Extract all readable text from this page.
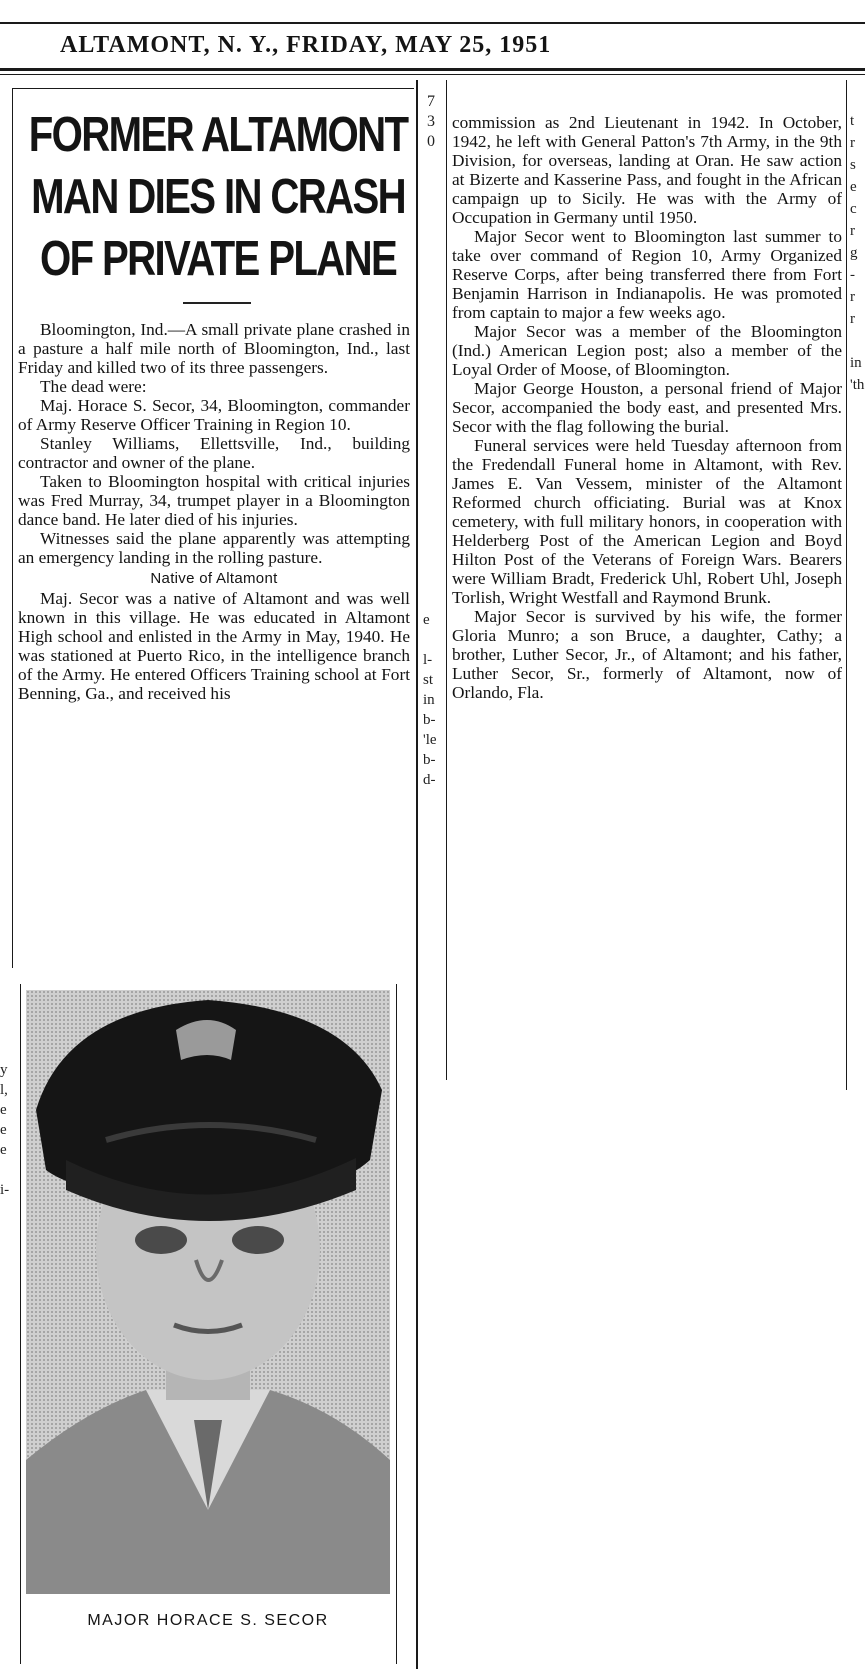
ALTAMONT, N. Y., FRIDAY, MAY 25, 1951
FORMER ALTAMONT
MAN DIES IN CRASH
OF PRIVATE PLANE

Bloomington, Ind.—A small private plane crashed in a pasture a half mile north of Bloomington, Ind., last Friday and killed two of its three passengers.

The dead were:

Maj. Horace S. Secor, 34, Bloomington, commander of Army Reserve Officer Training in Region 10.

Stanley Williams, Ellettsville, Ind., building contractor and owner of the plane.

Taken to Bloomington hospital with critical injuries was Fred Murray, 34, trumpet player in a Bloomington dance band. He later died of his injuries.

Witnesses said the plane apparently was attempting an emergency landing in the rolling pasture.

Native of Altamont

Maj. Secor was a native of Altamont and was well known in this village. He was educated in Altamont High school and enlisted in the Army in May, 1940. He was stationed at Puerto Rico, in the intelligence branch of the Army. He entered Officers Training school at Fort Benning, Ga., and received his

commission as 2nd Lieutenant in 1942. In October, 1942, he left with General Patton's 7th Army, in the 9th Division, for overseas, landing at Oran. He saw action at Bizerte and Kasserine Pass, and fought in the African campaign up to Sicily. He was with the Army of Occupation in Germany until 1950.

Major Secor went to Bloomington last summer to take over command of Region 10, Army Organized Reserve Corps, after being transferred there from Fort Benjamin Harrison in Indianapolis. He was promoted from captain to major a few weeks ago.

Major Secor was a member of the Bloomington (Ind.) American Legion post; also a member of the Loyal Order of Moose, of Bloomington.

Major George Houston, a personal friend of Major Secor, accompanied the body east, and presented Mrs. Secor with the flag following the burial.

Funeral services were held Tuesday afternoon from the Fredendall Funeral home in Altamont, with Rev. James E. Van Vessem, minister of the Altamont Reformed church officiating. Burial was at Knox cemetery, with full military honors, in cooperation with Helderberg Post of the American Legion and Boyd Hilton Post of the Veterans of Foreign Wars. Bearers were William Bradt, Frederick Uhl, Robert Uhl, Joseph Torlish, Wright Westfall and Raymond Brunk.

Major Secor is survived by his wife, the former Gloria Munro; a son Bruce, a daughter, Cathy; a brother, Luther Secor, Jr., of Altamont; and his father, Luther Secor, Sr., formerly of Altamont, now of Orlando, Fla.

MAJOR HORACE S. SECOR
7
3
0
e

l-
st
in
b-
'le
b-
d-
y
l,
e
e
e

i-
t
r
s
e
c
r
g
-
r
r

in
'th
